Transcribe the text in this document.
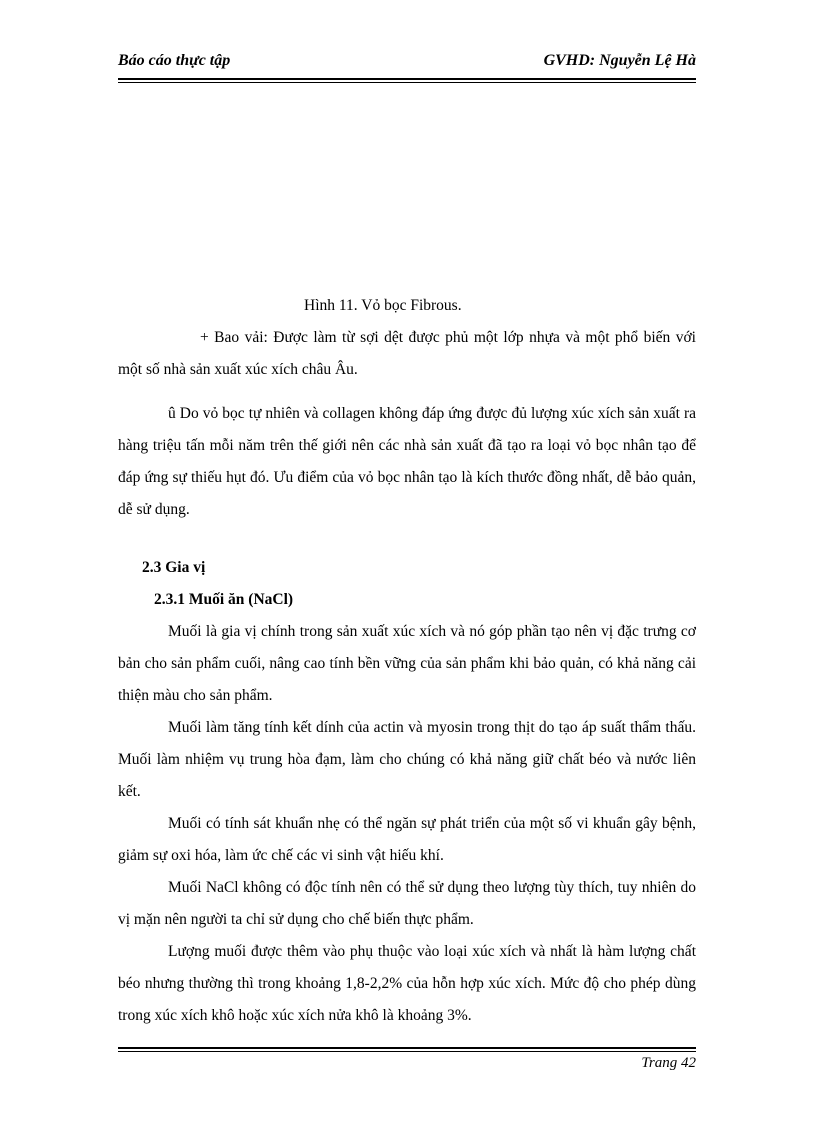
Báo cáo thực tập	GVHD: Nguyễn Lệ Hà
Hình 11. Vỏ bọc Fibrous.

+ Bao vải: Được làm từ sợi dệt được phủ một lớp nhựa và một phổ biến với một số nhà sản xuất xúc xích châu Âu.

û Do vỏ bọc tự nhiên và collagen không đáp ứng được đủ lượng xúc xích sản xuất ra hàng triệu tấn mỗi năm trên thế giới nên các nhà sản xuất đã tạo ra loại vỏ bọc nhân tạo để đáp ứng sự thiếu hụt đó. Ưu điểm của vỏ bọc nhân tạo là kích thước đồng nhất, dễ bảo quản, dễ sử dụng.

2.3 Gia vị
2.3.1 Muối ăn (NaCl)

Muối là gia vị chính trong sản xuất xúc xích và nó góp phần tạo nên vị đặc trưng cơ bản cho sản phẩm cuối, nâng cao tính bền vững của sản phẩm khi bảo quản, có khả năng cải thiện màu cho sản phẩm.

Muối làm tăng tính kết dính của actin và myosin trong thịt do tạo áp suất thẩm thấu. Muối làm nhiệm vụ trung hòa đạm, làm cho chúng có khả năng giữ chất béo và nước liên kết.

Muối có tính sát khuẩn nhẹ có thể ngăn sự phát triển của một số vi khuẩn gây bệnh, giảm sự oxi hóa, làm ức chế các vi sinh vật hiếu khí.

Muối NaCl không có độc tính nên có thể sử dụng theo lượng tùy thích, tuy nhiên do vị mặn nên người ta chỉ sử dụng cho chế biến thực phẩm.

Lượng muối được thêm vào phụ thuộc vào loại xúc xích và nhất là hàm lượng chất béo nhưng thường thì trong khoảng 1,8-2,2% của hỗn hợp xúc xích. Mức độ cho phép dùng trong xúc xích khô hoặc xúc xích nửa khô là khoảng 3%.

Trang 42
